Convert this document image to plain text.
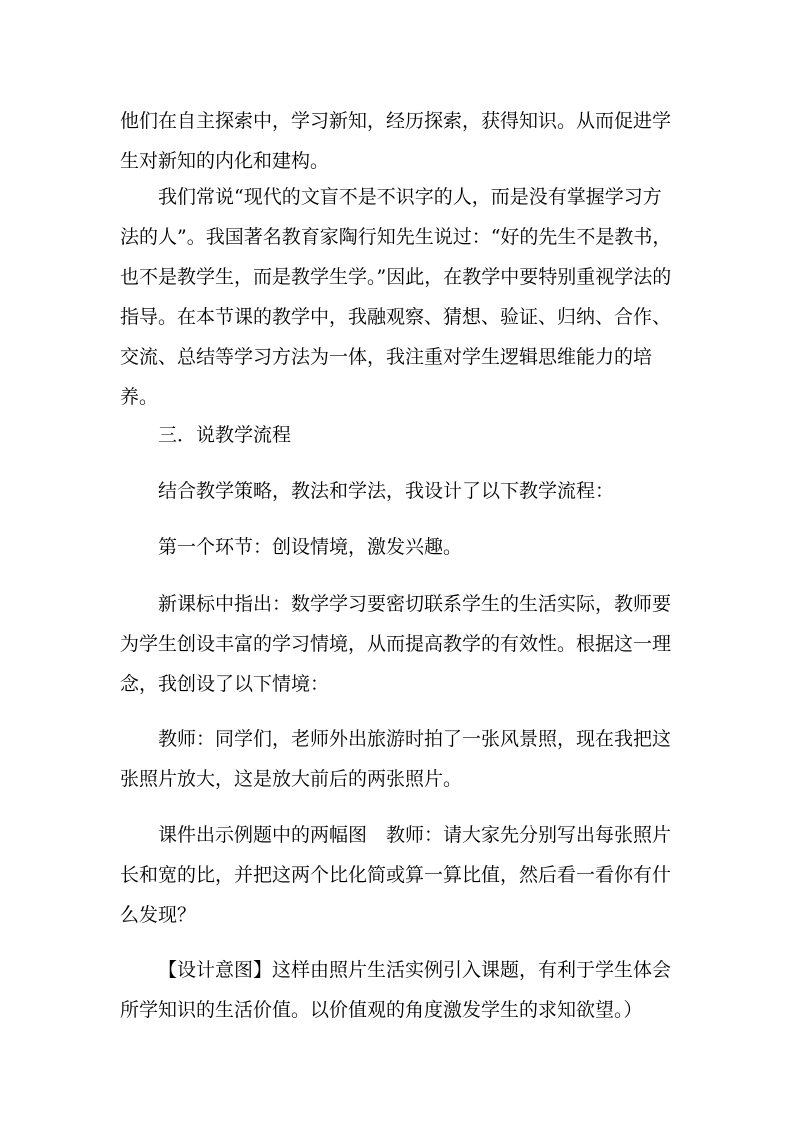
他们在自主探索中，学习新知，经历探索，获得知识。从而促进学生对新知的内化和建构。

我们常说“现代的文盲不是不识字的人，而是没有掌握学习方法的人”。我国著名教育家陶行知先生说过：“好的先生不是教书，也不是教学生，而是教学生学。”因此，在教学中要特别重视学法的指导。在本节课的教学中，我融观察、猜想、验证、归纳、合作、交流、总结等学习方法为一体，我注重对学生逻辑思维能力的培养。

三．说教学流程

结合教学策略，教法和学法，我设计了以下教学流程：

第一个环节：创设情境，激发兴趣。

新课标中指出：数学学习要密切联系学生的生活实际，教师要为学生创设丰富的学习情境，从而提高教学的有效性。根据这一理念，我创设了以下情境：

教师：同学们，老师外出旅游时拍了一张风景照，现在我把这张照片放大，这是放大前后的两张照片。

课件出示例题中的两幅图　教师：请大家先分别写出每张照片长和宽的比，并把这两个比化简或算一算比值，然后看一看你有什么发现？

【设计意图】这样由照片生活实例引入课题，有利于学生体会所学知识的生活价值。以价值观的角度激发学生的求知欲望。）
